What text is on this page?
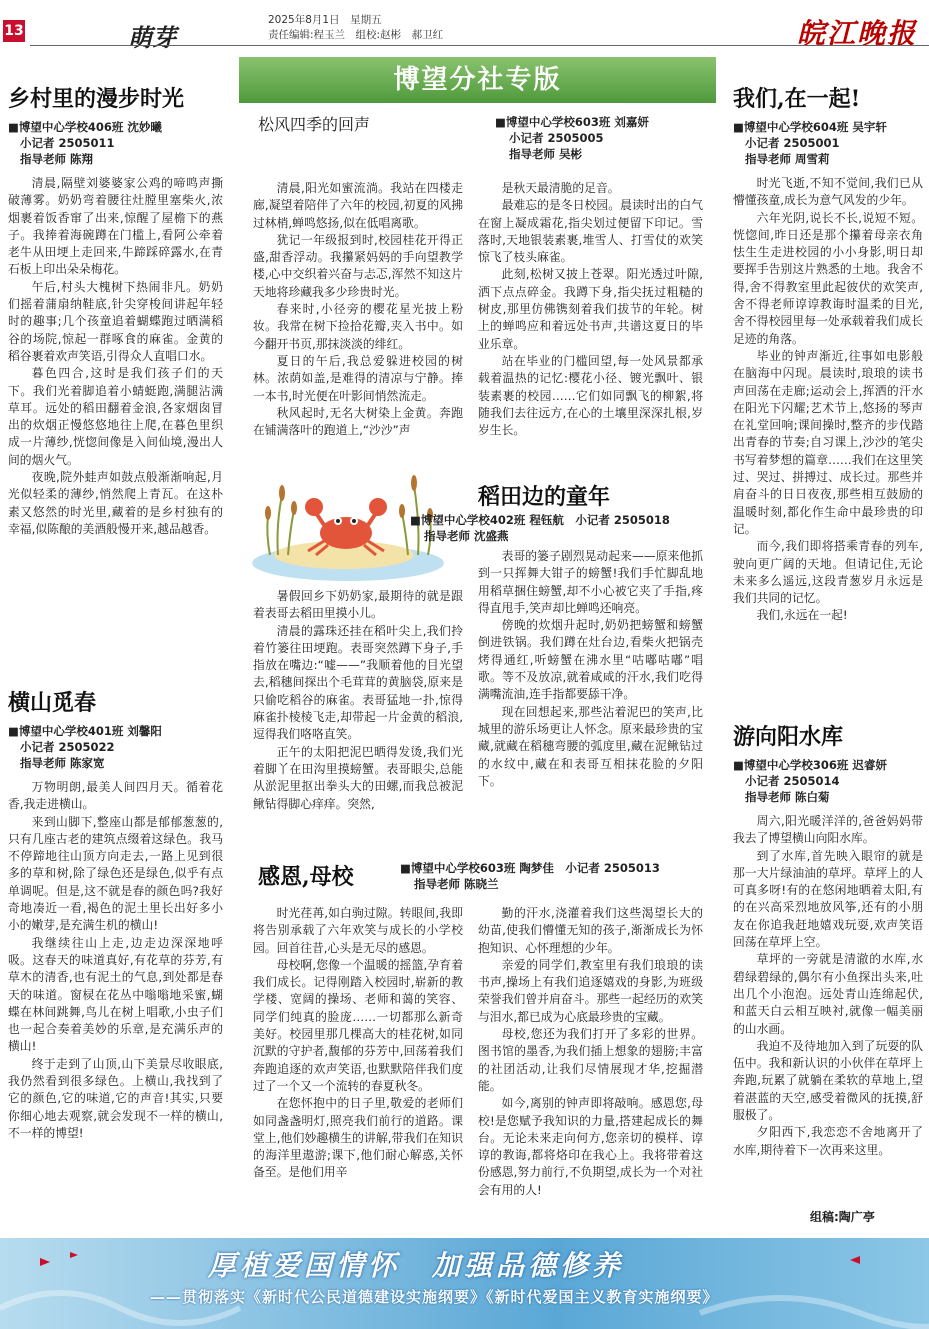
13	萌芽
2025年8月1日　星期五
责任编辑:程玉兰　组校:赵彬　郝卫红	皖江晚报
博望分社专版
乡村里的漫步时光
■博望中心学校406班 沈妙曦
小记者 2505011
指导老师 陈翔

清晨,隔壁刘婆婆家公鸡的啼鸣声撕破薄雾。奶奶弯着腰往灶膛里塞柴火,浓烟裹着饭香窜了出来,惊醒了屋檐下的燕子。我捧着海碗蹲在门槛上,看阿公牵着老牛从田埂上走回来,牛蹄踩碎露水,在青石板上印出朵朵梅花。

午后,村头大槐树下热闹非凡。奶奶们摇着蒲扇纳鞋底,针尖穿梭间讲起年轻时的趣事;几个孩童追着蝴蝶跑过晒满稻谷的场院,惊起一群啄食的麻雀。金黄的稻谷裹着欢声笑语,引得众人直唱口水。

暮色四合,这时是我们孩子们的天下。我们光着脚追着小蜻蜓跑,满腿沾满草耳。远处的稻田翻着金浪,各家烟囱冒出的炊烟正慢悠悠地往上爬,在暮色里织成一片薄纱,恍惚间像是入间仙境,漫出人间的烟火气。

夜晚,院外蛙声如鼓点般渐渐响起,月光似轻柔的薄纱,悄然爬上青瓦。在这朴素又悠然的时光里,藏着的是乡村独有的幸福,似陈酿的美酒般慢开来,越品越香。

横山觅春
■博望中心学校401班 刘馨阳
小记者 2505022
指导老师 陈家宽

万物明朗,最美人间四月天。循着花香,我走进横山。

来到山脚下,整座山都是郁郁葱葱的,只有几座古老的建筑点缀着这绿色。我马不停蹄地往山顶方向走去,一路上见到很多的草和树,除了绿色还是绿色,似乎有点单调呢。但是,这不就是春的颜色吗?我好奇地凑近一看,褐色的泥土里长出好多小小的嫩芽,是充满生机的横山!

我继续往山上走,边走边深深地呼吸。这春天的味道真好,有花草的芬芳,有草木的清香,也有泥土的气息,到处都是春天的味道。窗棂在花丛中嗡嗡地采蜜,蝴蝶在林间跳舞,鸟儿在树上唱歌,小虫子们也一起合奏着美妙的乐章,是充满乐声的横山!

终于走到了山顶,山下美景尽收眼底,我仍然看到很多绿色。上横山,我找到了它的颜色,它的味道,它的声音!其实,只要你细心地去观察,就会发现不一样的横山,不一样的博望!

松风四季的回声	■博望中心学校603班 刘嘉妍
小记者 2505005
指导老师 吴彬

清晨,阳光如蜜流淌。我站在四楼走廊,凝望着陪伴了六年的校园,初夏的风拂过林梢,蝉鸣悠扬,似在低唱离歌。

犹记一年级报到时,校园桂花开得正盛,甜香浮动。我攥紧妈妈的手向望教学楼,心中交织着兴奋与忐忑,浑然不知这片天地将珍藏我多少珍贵时光。

春来时,小径旁的樱花星光披上粉妆。我常在树下捡拾花瓣,夹入书中。如今翻开书页,那抹淡淡的绯红。

夏日的午后,我总爱躲进校园的树林。浓荫如盖,是难得的清凉与宁静。捧一本书,时光便在叶影间悄然流走。

秋风起时,无名大树染上金黄。奔跑在铺满落叶的跑道上,“沙沙”声

是秋天最清脆的足音。

最难忘的是冬日校园。晨读时出的白气在窗上凝成霜花,指尖划过便留下印记。雪落时,天地银装素裹,堆雪人、打雪仗的欢笑惊飞了枝头麻雀。

此刻,松树又披上苍翠。阳光透过叶隙,洒下点点碎金。我蹲下身,指尖抚过粗糙的树皮,那里仿佛镌刻着我们拔节的年轮。树上的蝉鸣应和着远处书声,共谱这夏日的毕业乐章。

站在毕业的门槛回望,每一处风景都承载着温热的记忆:樱花小径、镀光飘叶、银装素裹的校园……它们如同飘飞的柳絮,将随我们去往远方,在心的土壤里深深扎根,岁岁生长。

稻田边的童年
■博望中心学校402班 程钰航　小记者 2505018
指导老师 沈盛燕

暑假回乡下奶奶家,最期待的就是跟着表哥去稻田里摸小儿。

清晨的露珠还挂在稻叶尖上,我们拎着竹篓往田埂跑。表哥突然蹲下身子,手指放在嘴边:“嘘——”我顺着他的目光望去,稻穗间探出个毛茸茸的黄脑袋,原来是只偷吃稻谷的麻雀。表哥猛地一扑,惊得麻雀扑棱棱飞走,却带起一片金黄的稻浪,逗得我们咯咯直笑。

正午的太阳把泥巴晒得发烫,我们光着脚丫在田沟里摸螃蟹。表哥眼尖,总能从淤泥里抠出拳头大的田螺,而我总被泥鳅钻得脚心痒痒。突然,

表哥的篓子剧烈晃动起来——原来他抓到一只挥舞大钳子的螃蟹!我们手忙脚乱地用稻草捆住螃蟹,却不小心被它夹了手指,疼得直甩手,笑声却比蝉鸣还响亮。

傍晚的炊烟升起时,奶奶把螃蟹和螃蟹倒进铁锅。我们蹲在灶台边,看柴火把锅壳烤得通红,听螃蟹在沸水里“咕嘟咕嘟”唱歌。等不及放凉,就着咸咸的汗水,我们吃得满嘴流油,连手指都要舔干净。

现在回想起来,那些沾着泥巴的笑声,比城里的游乐场更让人怀念。原来最珍贵的宝藏,就藏在稻穗弯腰的弧度里,藏在泥鳅钻过的水纹中,藏在和表哥互相抹花脸的夕阳下。

感恩,母校	■博望中心学校603班 陶梦佳　小记者 2505013
指导老师 陈晓兰

时光荏苒,如白驹过隙。转眼间,我即将告别承载了六年欢笑与成长的小学校园。回首往昔,心头是无尽的感恩。

母校啊,您像一个温暖的摇篮,孕育着我们成长。记得刚踏入校园时,崭新的教学楼、宽阔的操场、老师和蔼的笑容、同学们纯真的脸庞……一切都那么新奇美好。校园里那几棵高大的桂花树,如同沉默的守护者,馥郁的芬芳中,回荡着我们奔跑追逐的欢声笑语,也默默陪伴我们度过了一个又一个流转的春夏秋冬。

在您怀抱中的日子里,敬爱的老师们如同盏盏明灯,照亮我们前行的道路。课堂上,他们妙趣横生的讲解,带我们在知识的海洋里遨游;课下,他们耐心解惑,关怀备至。是他们用辛

勤的汗水,浇灌着我们这些渴望长大的幼苗,使我们懵懂无知的孩子,渐渐成长为怀抱知识、心怀理想的少年。

亲爱的同学们,教室里有我们琅琅的读书声,操场上有我们追逐嬉戏的身影,为班级荣誉我们曾并肩奋斗。那些一起经历的欢笑与泪水,都已成为心底最珍贵的宝藏。

母校,您还为我们打开了多彩的世界。图书馆的墨香,为我们插上想象的翅膀;丰富的社团活动,让我们尽情展现才华,挖掘潜能。

如今,离别的钟声即将敲响。感恩您,母校!是您赋予我知识的力量,搭建起成长的舞台。无论未来走向何方,您亲切的模样、谆谆的教诲,都将烙印在我心上。我将带着这份感恩,努力前行,不负期望,成长为一个对社会有用的人!

我们,在一起!
■博望中心学校604班 吴宇轩
小记者 2505001
指导老师 周雪莉

时光飞逝,不知不觉间,我们已从懵懂孩童,成长为意气风发的少年。

六年光阴,说长不长,说短不短。恍惚间,昨日还是那个攥着母亲衣角怯生生走进校园的小小身影,明日却要挥手告别这片熟悉的土地。我舍不得,舍不得教室里此起彼伏的欢笑声,舍不得老师谆谆教诲时温柔的目光,舍不得校园里每一处承载着我们成长足迹的角落。

毕业的钟声渐近,往事如电影般在脑海中闪现。晨读时,琅琅的读书声回荡在走廊;运动会上,挥洒的汗水在阳光下闪耀;艺术节上,悠扬的琴声在礼堂回响;课间操时,整齐的步伐踏出青春的节奏;自习课上,沙沙的笔尖书写着梦想的篇章……我们在这里笑过、哭过、拼搏过、成长过。那些并肩奋斗的日日夜夜,那些相互鼓励的温暖时刻,都化作生命中最珍贵的印记。

而今,我们即将搭乘青春的列车,驶向更广阔的天地。但请记住,无论未来多么遥远,这段青葱岁月永远是我们共同的记忆。

我们,永远在一起!

游向阳水库
■博望中心学校306班 迟睿妍
小记者 2505014
指导老师 陈白菊

周六,阳光暖洋洋的,爸爸妈妈带我去了博望横山向阳水库。

到了水库,首先映入眼帘的就是那一大片绿油油的草坪。草坪上的人可真多呀!有的在悠闲地晒着太阳,有的在兴高采烈地放风筝,还有的小朋友在你追我赶地嬉戏玩耍,欢声笑语回荡在草坪上空。

草坪的一旁就是清澈的水库,水碧绿碧绿的,偶尔有小鱼探出头来,吐出几个小泡泡。远处青山连绵起伏,和蓝天白云相互映衬,就像一幅美丽的山水画。

我迫不及待地加入到了玩耍的队伍中。我和新认识的小伙伴在草坪上奔跑,玩累了就躺在柔软的草地上,望着湛蓝的天空,感受着微风的抚摸,舒服极了。

夕阳西下,我恋恋不舍地离开了水库,期待着下一次再来这里。

组稿:陶广亭
厚植爱国情怀　加强品德修养
——贯彻落实《新时代公民道德建设实施纲要》《新时代爱国主义教育实施纲要》
